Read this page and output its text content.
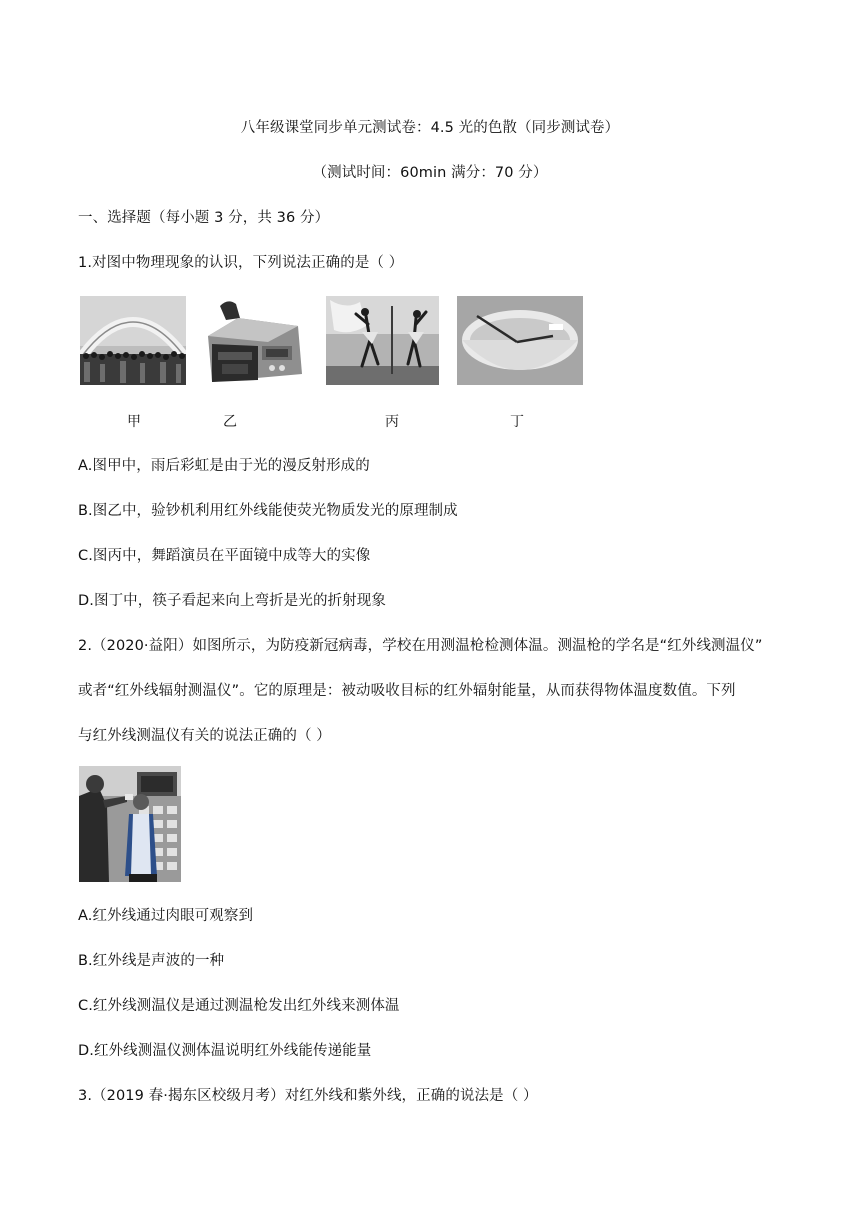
八年级课堂同步单元测试卷：4.5 光的色散（同步测试卷）
（测试时间：60min 满分：70 分）
一、选择题（每小题 3 分，共 36 分）
1.对图中物理现象的认识，下列说法正确的是（ ）
甲	乙	丙	丁
A.图甲中，雨后彩虹是由于光的漫反射形成的
B.图乙中，验钞机利用红外线能使荧光物质发光的原理制成
C.图丙中，舞蹈演员在平面镜中成等大的实像
D.图丁中，筷子看起来向上弯折是光的折射现象
2.（2020·益阳）如图所示，为防疫新冠病毒，学校在用测温枪检测体温。测温枪的学名是“红外线测温仪”
或者“红外线辐射测温仪”。它的原理是：被动吸收目标的红外辐射能量，从而获得物体温度数值。下列
与红外线测温仪有关的说法正确的（ ）
A.红外线通过肉眼可观察到
B.红外线是声波的一种
C.红外线测温仪是通过测温枪发出红外线来测体温
D.红外线测温仪测体温说明红外线能传递能量
3.（2019 春·揭东区校级月考）对红外线和紫外线，正确的说法是（ ）
